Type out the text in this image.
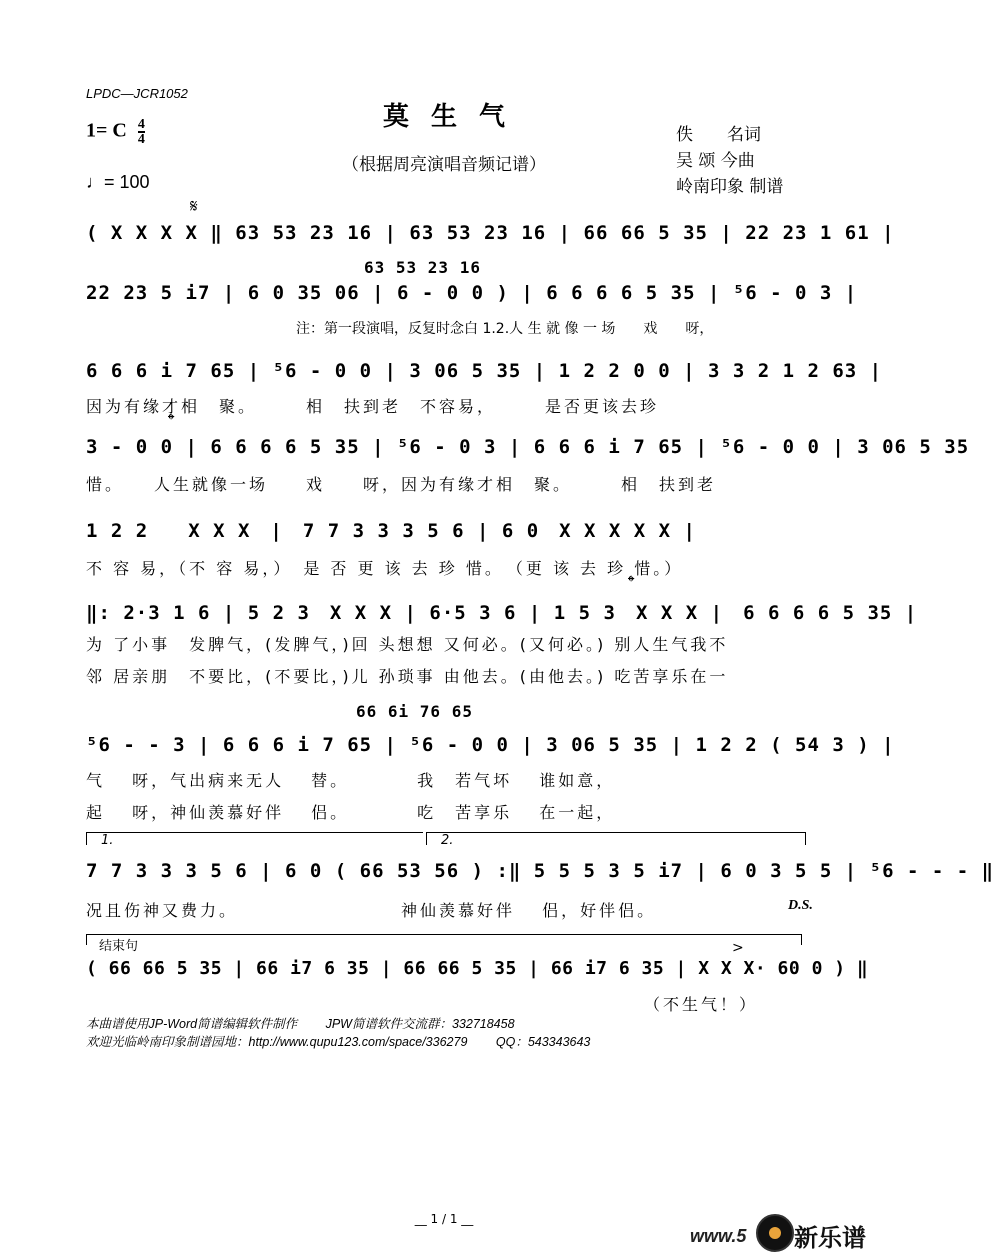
LPDC—JCR1052
1= C $\frac{4}{4}$
♩= 100
莫生气
（根据周亮演唱音频记谱）
佚　　名词
吴 颂 今曲
岭南印象 制谱
𝄋
( X X X X ‖ 63 53 23 16 | 63 53 23 16 | 66 66 5 35 | 22 23 1 61 |
63 53 23 16
22 23 5 i7 | 6 0 35 06 | 6 - 0 0 ) | 6 6 6 6 5 35 | ⁵6 - 0 3 |
注：第一段演唱，反复时念白 1.2.人 生 就 像 一 场　　戏　　呀，
6 6 6 i 7 65 | ⁵6 - 0 0 | 3 06 5 35 | 1 2 2 0 0 | 3 3 2 1 2 63 |
因为有缘才相　聚。　　　相　扶到老　不容易，　　　是否更该去珍
𝄌
3 - 0 0 | 6 6 6 6 5 35 | ⁵6 - 0 3 | 6 6 6 i 7 65 | ⁵6 - 0 0 | 3 06 5 35
惜。　　人生就像一场　　戏　　呀，因为有缘才相　聚。　　　相　扶到老
1 2 2　　X X X　|　7 7 3 3 3 5 6 | 6 0　X X X X X |
不 容 易，（不 容 易，）　是 否 更 该 去 珍 惜。　（更 该 去 珍 惜。）
𝄌
‖: 2·3 1 6 | 5 2 3　X X X | 6·5 3 6 | 1 5 3　X X X |　6 6 6 6 5 35 |
为 了小事　发脾气，(发脾气，)回 头想想 又何必。(又何必。) 别人生气我不
邻 居亲朋　不要比，(不要比，)儿 孙琐事 由他去。(由他去。) 吃苦享乐在一
66 6i 76 65
⁵6 - - 3 | 6 6 6 i 7 65 | ⁵6 - 0 0 | 3 06 5 35 | 1 2 2 ( 54 3 ) |
气　 呀，气出病来无人　 替。　　　　我　若气坏　 谁如意，
起　 呀，神仙羡慕好伴　 侣。　　　　吃　苦享乐　 在一起，
1.	2.
7 7 3 3 3 5 6 | 6 0 ( 66 53 56 ) :‖ 5 5 5 3 5 i7 | 6 0 3 5 5 | ⁵6 - - - ‖
况且伤神又费力。　　　　　　　　　神仙羡慕好伴　 侣，好伴侣。	D.S.
结束句	>
( 66 66 5 35 | 66 i7 6 35 | 66 66 5 35 | 66 i7 6 35 | X X X· 60 0 ) ‖
（不生气！）
本曲谱使用JP-Word简谱编辑软件制作　　 JPW简谱软件交流群：332718458
欢迎光临岭南印象制谱园地：http://www.qupu123.com/space/336279　　 QQ：543343643
__ 1 / 1 __
www.5 新乐谱
